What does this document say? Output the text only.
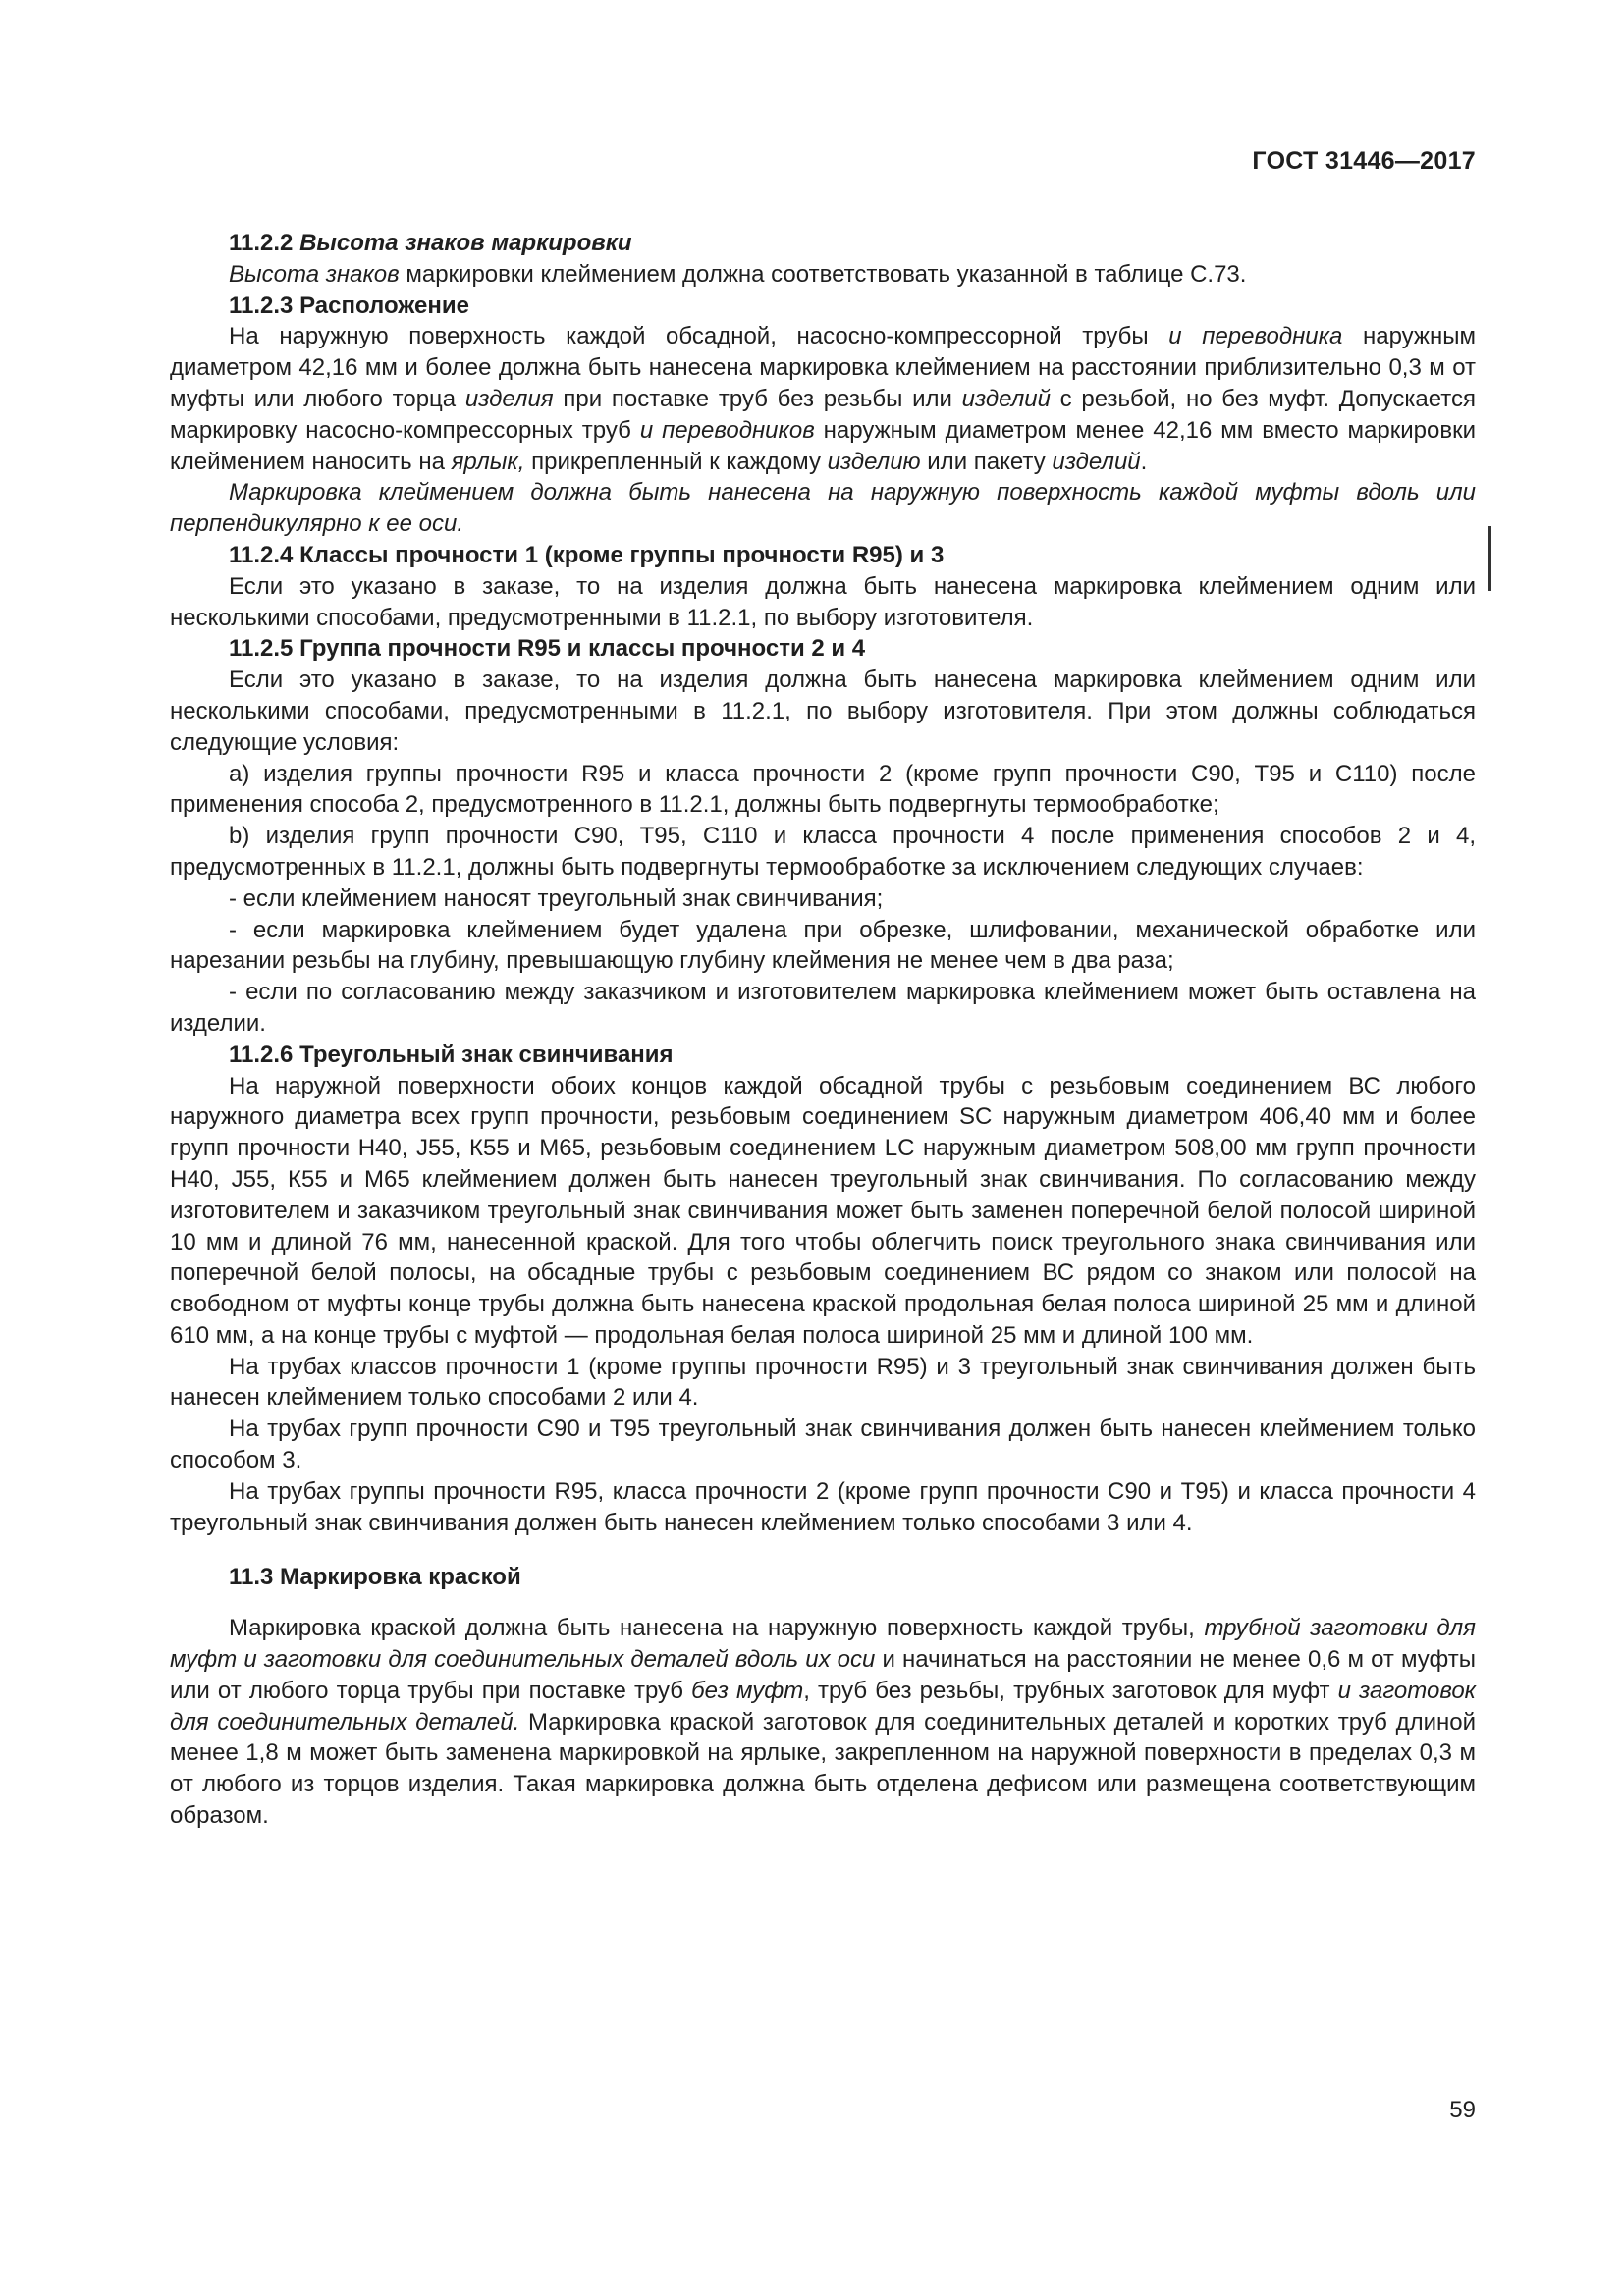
ГОСТ 31446—2017

11.2.2 Высота знаков маркировки

Высота знаков маркировки клеймением должна соответствовать указанной в таблице С.73.

11.2.3 Расположение

На наружную поверхность каждой обсадной, насосно-компрессорной трубы и переводника наружным диаметром 42,16 мм и более должна быть нанесена маркировка клеймением на расстоянии приблизительно 0,3 м от муфты или любого торца изделия при поставке труб без резьбы или изделий с резьбой, но без муфт. Допускается маркировку насосно-компрессорных труб и переводников наружным диаметром менее 42,16 мм вместо маркировки клеймением наносить на ярлык, прикрепленный к каждому изделию или пакету изделий.

Маркировка клеймением должна быть нанесена на наружную поверхность каждой муфты вдоль или перпендикулярно к ее оси.

11.2.4 Классы прочности 1 (кроме группы прочности R95) и 3

Если это указано в заказе, то на изделия должна быть нанесена маркировка клеймением одним или несколькими способами, предусмотренными в 11.2.1, по выбору изготовителя.

11.2.5 Группа прочности R95 и классы прочности 2 и 4

Если это указано в заказе, то на изделия должна быть нанесена маркировка клеймением одним или несколькими способами, предусмотренными в 11.2.1, по выбору изготовителя. При этом должны соблюдаться следующие условия:

а) изделия группы прочности R95 и класса прочности 2 (кроме групп прочности С90, Т95 и С110) после применения способа 2, предусмотренного в 11.2.1, должны быть подвергнуты термообработке;

b) изделия групп прочности С90, Т95, С110 и класса прочности 4 после применения способов 2 и 4, предусмотренных в 11.2.1, должны быть подвергнуты термообработке за исключением следующих случаев:

- если клеймением наносят треугольный знак свинчивания;

- если маркировка клеймением будет удалена при обрезке, шлифовании, механической обработке или нарезании резьбы на глубину, превышающую глубину клеймения не менее чем в два раза;

- если по согласованию между заказчиком и изготовителем маркировка клеймением может быть оставлена на изделии.

11.2.6 Треугольный знак свинчивания

На наружной поверхности обоих концов каждой обсадной трубы с резьбовым соединением ВС любого наружного диаметра всех групп прочности, резьбовым соединением SC наружным диаметром 406,40 мм и более групп прочности Н40, J55, К55 и М65, резьбовым соединением LC наружным диаметром 508,00 мм групп прочности Н40, J55, К55 и М65 клеймением должен быть нанесен треугольный знак свинчивания. По согласованию между изготовителем и заказчиком треугольный знак свинчивания может быть заменен поперечной белой полосой шириной 10 мм и длиной 76 мм, нанесенной краской. Для того чтобы облегчить поиск треугольного знака свинчивания или поперечной белой полосы, на обсадные трубы с резьбовым соединением ВС рядом со знаком или полосой на свободном от муфты конце трубы должна быть нанесена краской продольная белая полоса шириной 25 мм и длиной 610 мм, а на конце трубы с муфтой — продольная белая полоса шириной 25 мм и длиной 100 мм.

На трубах классов прочности 1 (кроме группы прочности R95) и 3 треугольный знак свинчивания должен быть нанесен клеймением только способами 2 или 4.

На трубах групп прочности С90 и Т95 треугольный знак свинчивания должен быть нанесен клеймением только способом 3.

На трубах группы прочности R95, класса прочности 2 (кроме групп прочности С90 и Т95) и класса прочности 4 треугольный знак свинчивания должен быть нанесен клеймением только способами 3 или 4.

11.3 Маркировка краской

Маркировка краской должна быть нанесена на наружную поверхность каждой трубы, трубной заготовки для муфт и заготовки для соединительных деталей вдоль их оси и начинаться на расстоянии не менее 0,6 м от муфты или от любого торца трубы при поставке труб без муфт, труб без резьбы, трубных заготовок для муфт и заготовок для соединительных деталей. Маркировка краской заготовок для соединительных деталей и коротких труб длиной менее 1,8 м может быть заменена маркировкой на ярлыке, закрепленном на наружной поверхности в пределах 0,3 м от любого из торцов изделия. Такая маркировка должна быть отделена дефисом или размещена соответствующим образом.

59
